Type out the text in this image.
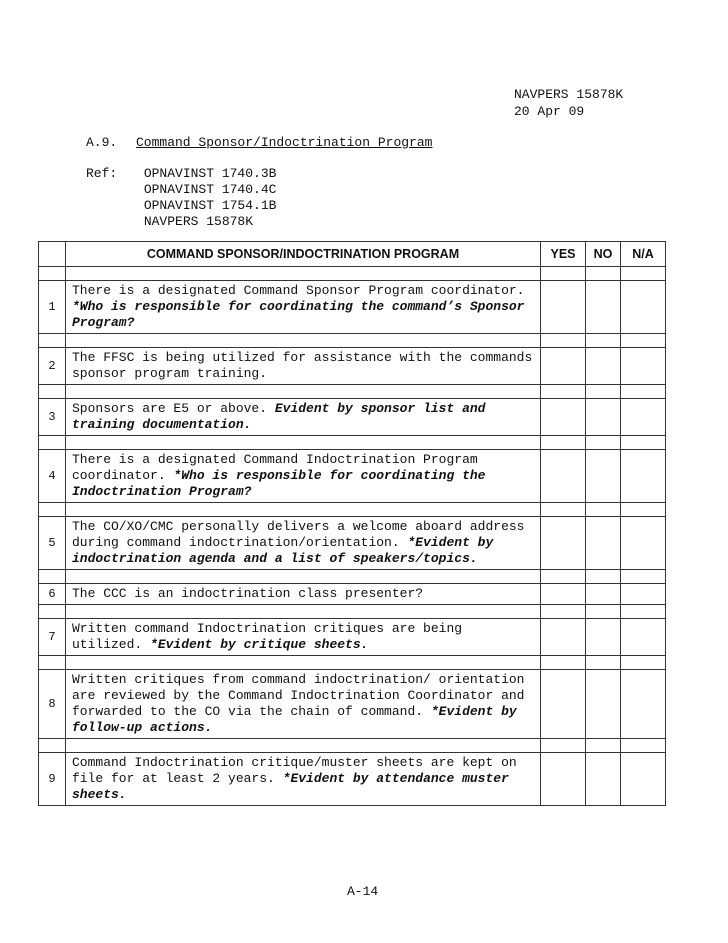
NAVPERS 15878K
20 Apr 09
A.9. Command Sponsor/Indoctrination Program
Ref: OPNAVINST 1740.3B
OPNAVINST 1740.4C
OPNAVINST 1754.1B
NAVPERS 15878K
	COMMAND SPONSOR/INDOCTRINATION PROGRAM	YES	NO	N/A

1	There is a designated Command Sponsor Program coordinator. *Who is responsible for coordinating the command’s Sponsor Program?			

2	The FFSC is being utilized for assistance with the commands sponsor program training.			

3	Sponsors are E5 or above. Evident by sponsor list and training documentation.			

4	There is a designated Command Indoctrination Program coordinator. *Who is responsible for coordinating the Indoctrination Program?			

5	The CO/XO/CMC personally delivers a welcome aboard address during command indoctrination/orientation. *Evident by indoctrination agenda and a list of speakers/topics.			

6	The CCC is an indoctrination class presenter?			

7	Written command Indoctrination critiques are being utilized. *Evident by critique sheets.			

8	Written critiques from command indoctrination/ orientation are reviewed by the Command Indoctrination Coordinator and forwarded to the CO via the chain of command. *Evident by follow-up actions.			

9	Command Indoctrination critique/muster sheets are kept on file for at least 2 years. *Evident by attendance muster sheets.			
A-14
